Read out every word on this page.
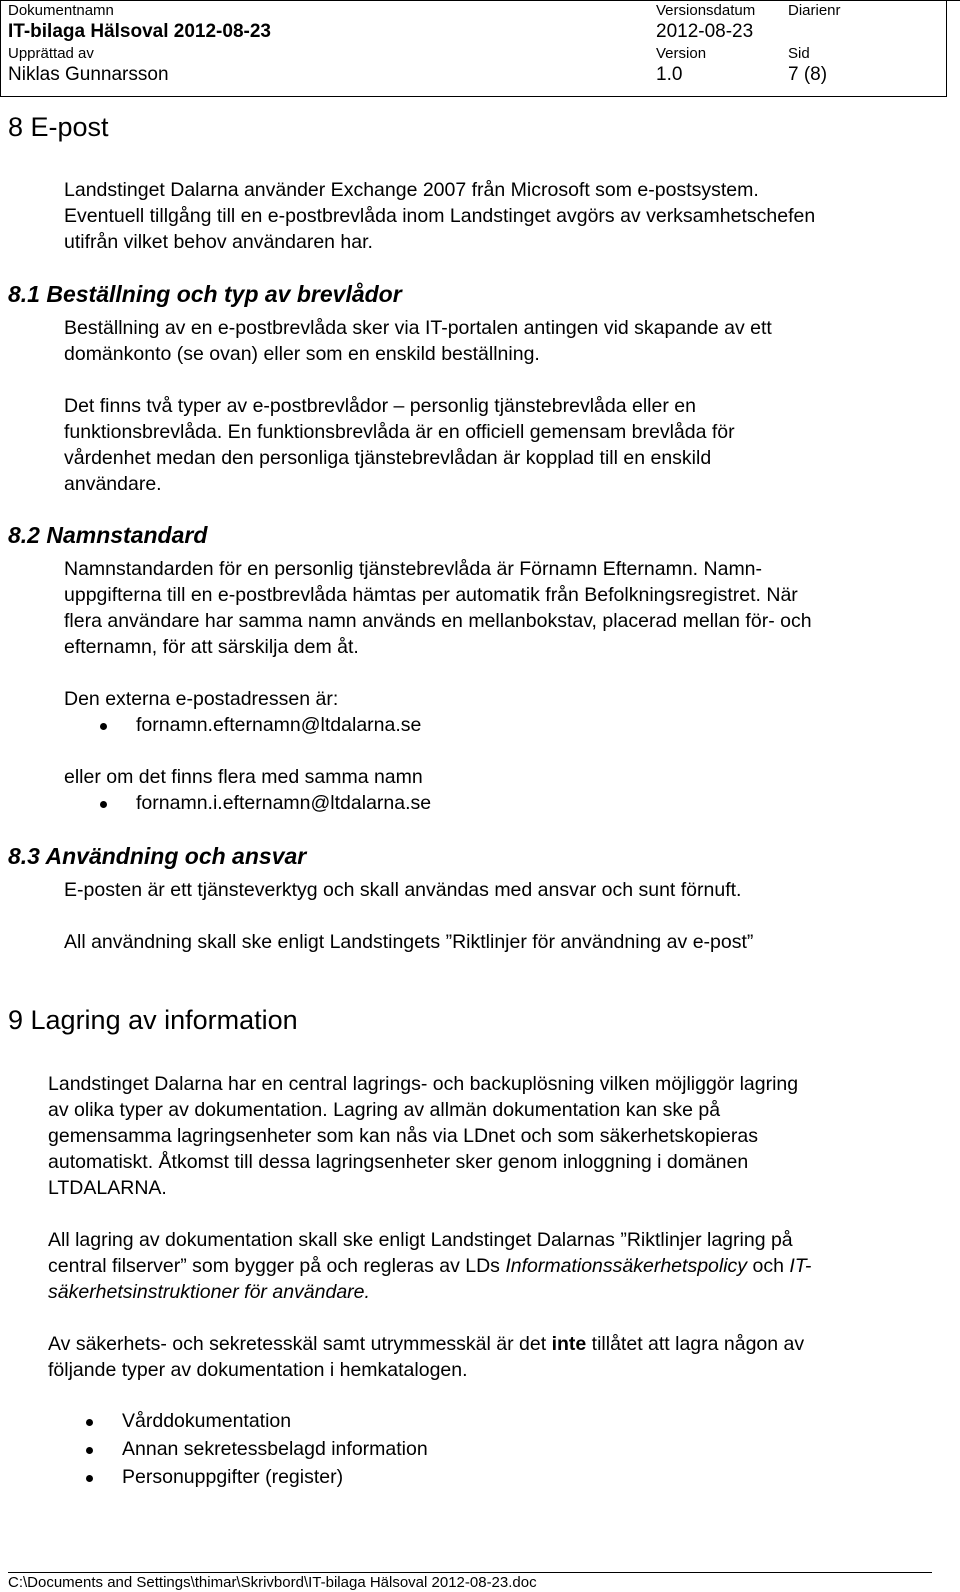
Dokumentnamn
IT-bilaga Hälsoval 2012-08-23
Upprättad av
Niklas Gunnarsson
Versionsdatum
2012-08-23
Version
1.0
Diarienr
Sid
7 (8)
8 E-post
Landstinget Dalarna använder Exchange 2007 från Microsoft som e-postsystem.
Eventuell tillgång till en e-postbrevlåda inom Landstinget avgörs av verksamhetschefen
utifrån vilket behov användaren har.
8.1 Beställning och typ av brevlådor
Beställning av en e-postbrevlåda sker via IT-portalen antingen vid skapande av ett
domänkonto (se ovan) eller som en enskild beställning.
Det finns två typer av e-postbrevlådor – personlig tjänstebrevlåda eller en
funktionsbrevlåda. En funktionsbrevlåda är en officiell gemensam brevlåda för
vårdenhet medan den personliga tjänstebrevlådan är kopplad till en enskild
användare.
8.2 Namnstandard
Namnstandarden för en personlig tjänstebrevlåda är Förnamn Efternamn. Namn-
uppgifterna till en e-postbrevlåda hämtas per automatik från Befolkningsregistret. När
flera användare har samma namn används en mellanbokstav, placerad mellan för- och
efternamn, för att särskilja dem åt.
Den externa e-postadressen är:
fornamn.efternamn@ltdalarna.se
eller om det finns flera med samma namn
fornamn.i.efternamn@ltdalarna.se
8.3 Användning och ansvar
E-posten är ett tjänsteverktyg och skall användas med ansvar och sunt förnuft.
All användning skall ske enligt Landstingets ”Riktlinjer för användning av e-post”
9 Lagring av information
Landstinget Dalarna har en central lagrings- och backuplösning vilken möjliggör lagring
av olika typer av dokumentation. Lagring av allmän dokumentation kan ske på
gemensamma lagringsenheter som kan nås via LDnet och som säkerhetskopieras
automatiskt. Åtkomst till dessa lagringsenheter sker genom inloggning i domänen
LTDALARNA.
All lagring av dokumentation skall ske enligt Landstinget Dalarnas ”Riktlinjer lagring på
central filserver” som bygger på och regleras av LDs Informationssäkerhetspolicy och IT-
säkerhetsinstruktioner för användare.
Av säkerhets- och sekretesskäl samt utrymmesskäl är det inte tillåtet att lagra någon av
följande typer av dokumentation i hemkatalogen.
Vårddokumentation
Annan sekretessbelagd information
Personuppgifter (register)
C:\Documents and Settings\thimar\Skrivbord\IT-bilaga Hälsoval 2012-08-23.doc
